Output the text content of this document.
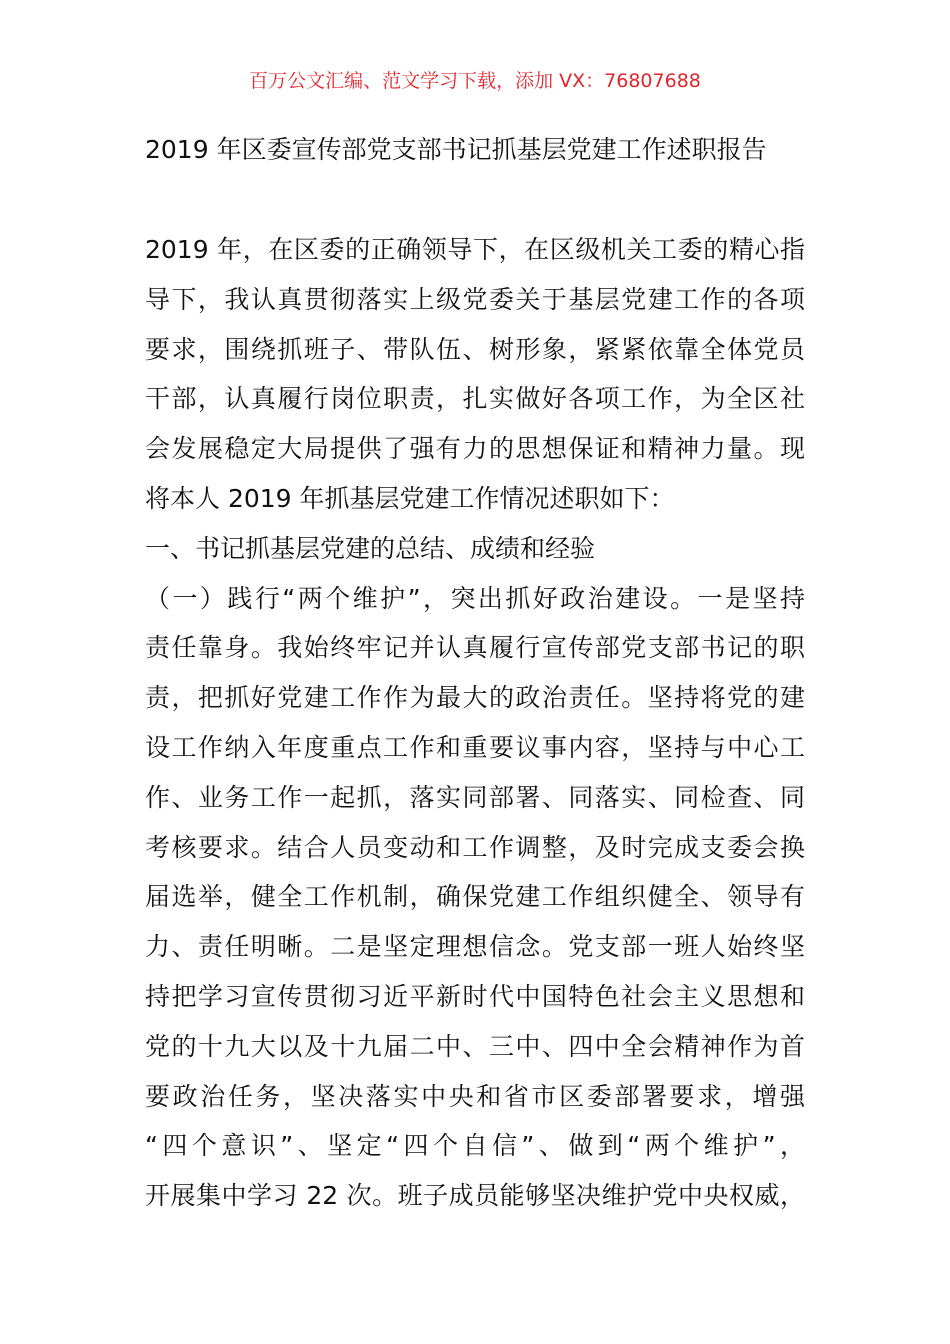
百万公文汇编、范文学习下载，添加 VX：76807688
2019 年区委宣传部党支部书记抓基层党建工作述职报告
2019 年，在区委的正确领导下，在区级机关工委的精心指
导下，我认真贯彻落实上级党委关于基层党建工作的各项
要求，围绕抓班子、带队伍、树形象，紧紧依靠全体党员
干部，认真履行岗位职责，扎实做好各项工作，为全区社
会发展稳定大局提供了强有力的思想保证和精神力量。现
将本人 2019 年抓基层党建工作情况述职如下：
一、书记抓基层党建的总结、成绩和经验
（一）践行“两个维护”，突出抓好政治建设。一是坚持
责任靠身。我始终牢记并认真履行宣传部党支部书记的职
责，把抓好党建工作作为最大的政治责任。坚持将党的建
设工作纳入年度重点工作和重要议事内容，坚持与中心工
作、业务工作一起抓，落实同部署、同落实、同检查、同
考核要求。结合人员变动和工作调整，及时完成支委会换
届选举，健全工作机制，确保党建工作组织健全、领导有
力、责任明晰。二是坚定理想信念。党支部一班人始终坚
持把学习宣传贯彻习近平新时代中国特色社会主义思想和
党的十九大以及十九届二中、三中、四中全会精神作为首
要政治任务，坚决落实中央和省市区委部署要求，增强
“四个意识”、坚定“四个自信”、做到“两个维护”，
开展集中学习 22 次。班子成员能够坚决维护党中央权威，
